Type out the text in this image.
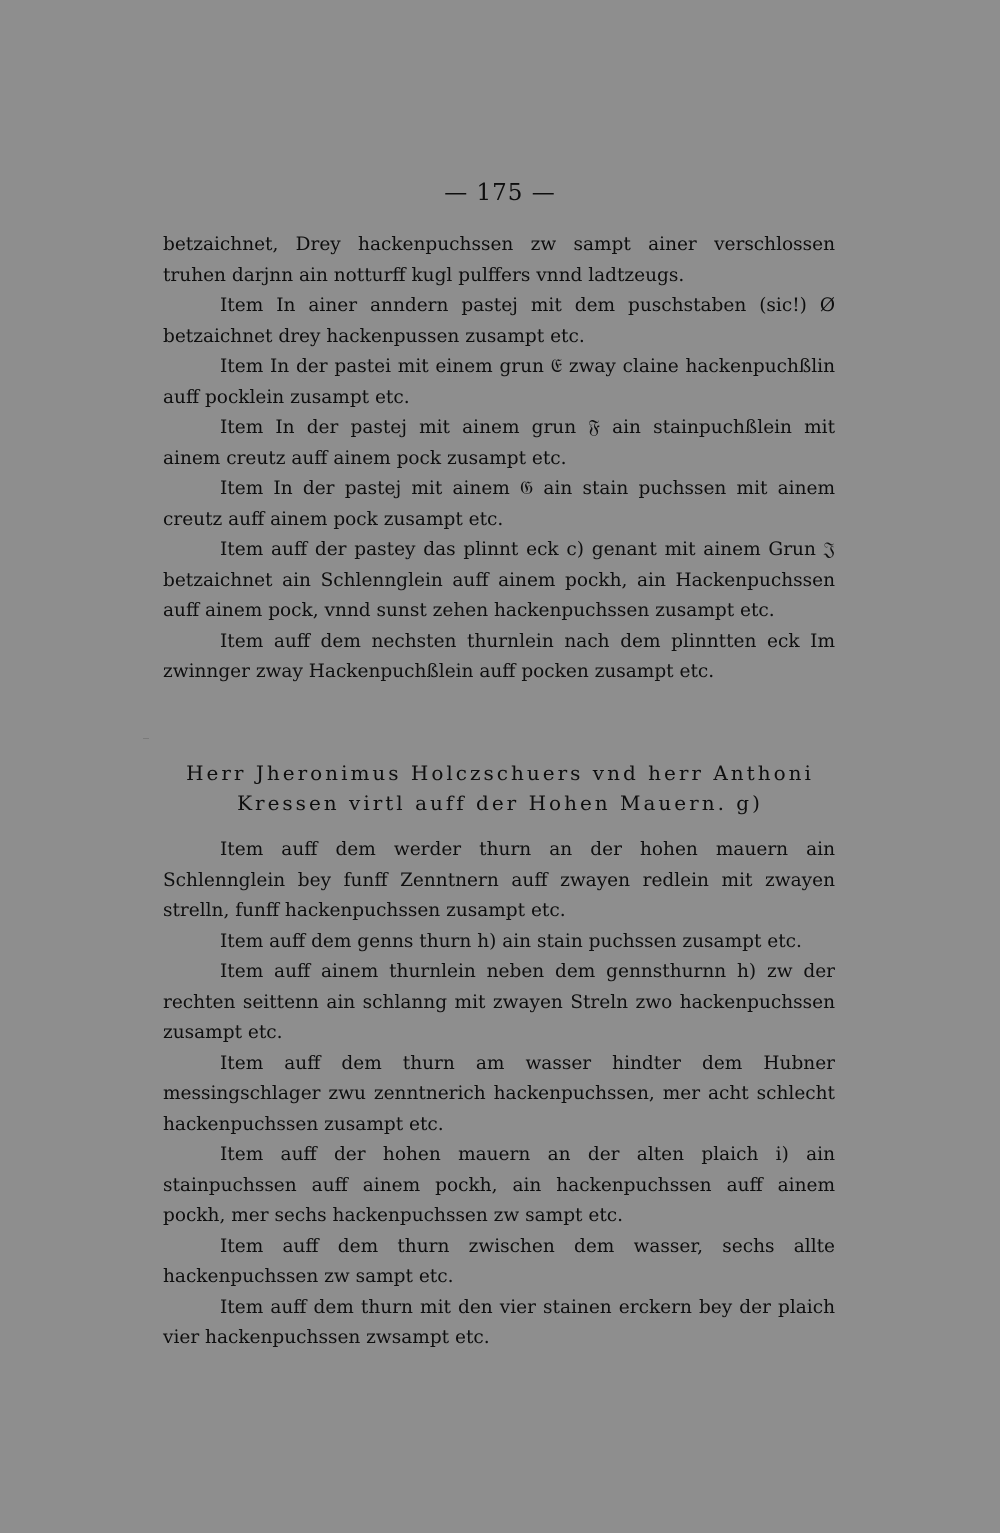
— 175 —

betzaichnet, Drey hackenpuchssen zw sampt ainer verschlossen truhen darjnn ain notturff kugl pulffers vnnd ladtzeugs.

Item In ainer anndern pastej mit dem puschstaben (sic!) Ø betzaichnet drey hackenpussen zusampt etc.

Item In der pastei mit einem grun 𝔈 zway claine hackenpuchßlin auff pocklein zusampt etc.

Item In der pastej mit ainem grun 𝔉 ain stainpuchßlein mit ainem creutz auff ainem pock zusampt etc.

Item In der pastej mit ainem 𝔊 ain stain puchssen mit ainem creutz auff ainem pock zusampt etc.

Item auff der pastey das plinnt eck c) genant mit ainem Grun 𝔍 betzaichnet ain Schlennglein auff ainem pockh, ain Hackenpuchssen auff ainem pock, vnnd sunst zehen hackenpuchssen zusampt etc.

Item auff dem nechsten thurnlein nach dem plinntten eck Im zwinnger zway Hackenpuchßlein auff pocken zusampt etc.

Herr Jheronimus Holczschuers vnd herr Anthoni
Kressen virtl auff der Hohen Mauern. g)

Item auff dem werder thurn an der hohen mauern ain Schlennglein bey funff Zenntnern auff zwayen redlein mit zwayen strelln, funff hackenpuchssen zusampt etc.

Item auff dem genns thurn h) ain stain puchssen zusampt etc.

Item auff ainem thurnlein neben dem gennsthurnn h) zw der rechten seittenn ain schlanng mit zwayen Streln zwo hackenpuchssen zusampt etc.

Item auff dem thurn am wasser hindter dem Hubner messingschlager zwu zenntnerich hackenpuchssen, mer acht schlecht hackenpuchssen zusampt etc.

Item auff der hohen mauern an der alten plaich i) ain stainpuchssen auff ainem pockh, ain hackenpuchssen auff ainem pockh, mer sechs hackenpuchssen zw sampt etc.

Item auff dem thurn zwischen dem wasser, sechs allte hackenpuchssen zw sampt etc.

Item auff dem thurn mit den vier stainen erckern bey der plaich vier hackenpuchssen zwsampt etc.
